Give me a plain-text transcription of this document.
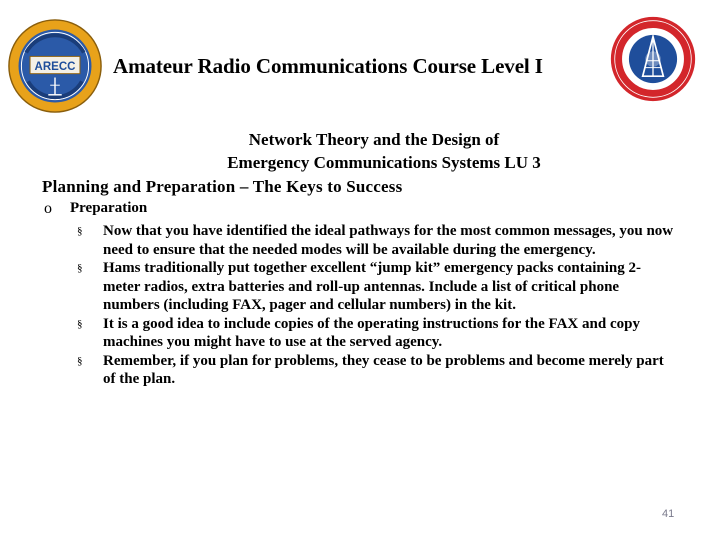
ARECC Amateur Radio Communications Course Level I
Network Theory and the Design of
Emergency Communications Systems LU 3
Planning and Preparation – The Keys to Success
o Preparation
§ Now that you have identified the ideal pathways for the most common messages, you now need to ensure that the needed modes will be available during the emergency.
§ Hams traditionally put together excellent “jump kit” emergency packs containing 2-meter radios, extra batteries and roll-up antennas. Include a list of critical phone numbers (including FAX, pager and cellular numbers) in the kit.
§ It is a good idea to include copies of the operating instructions for the FAX and copy machines you might have to use at the served agency.
§ Remember, if you plan for problems, they cease to be problems and become merely part of the plan.
41
